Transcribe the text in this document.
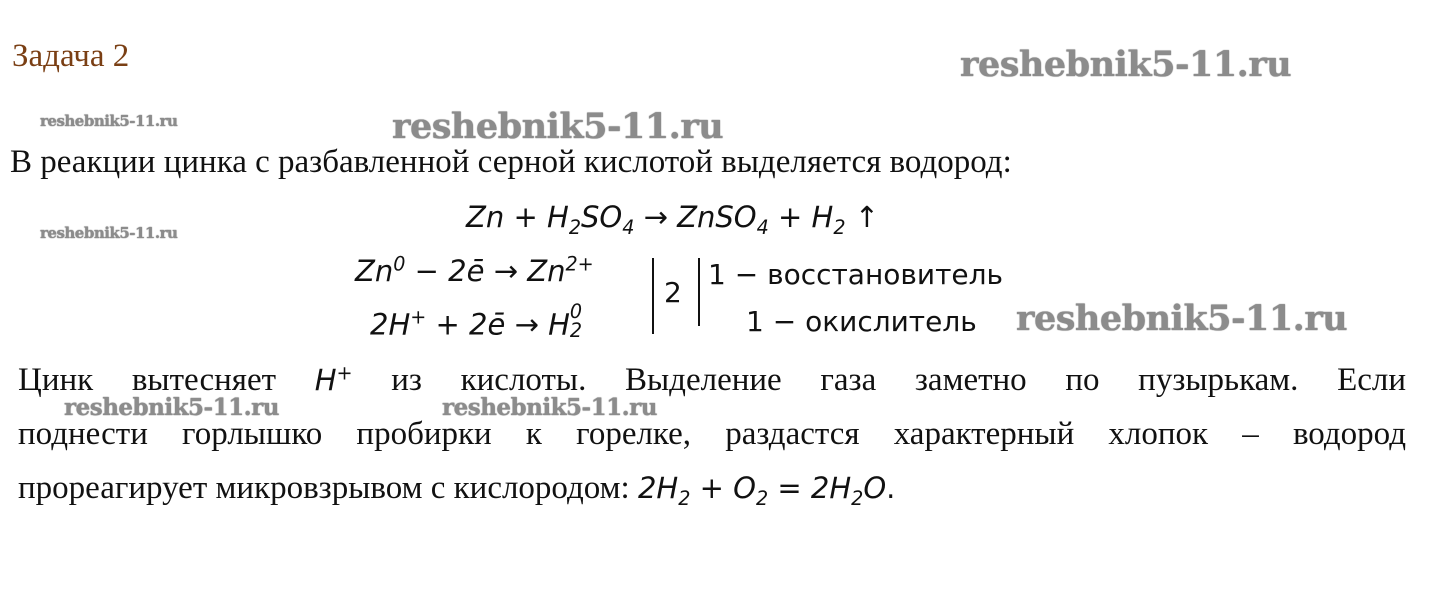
Задача 2	reshebnik5-11.ru
reshebnik5-11.ru	reshebnik5-11.ru
reshebnik5-11.ru
В реакции цинка с разбавленной серной кислотой выделяется водород:
$Zn + H_2SO_4$ → ZnSO$_4$ + $H_2$ ↑
$Zn^0$ − 2ē → $Zn^{2+}$
2H+ + 2ē → H 0
2
2
1 − восстановитель
1 − окислитель reshebnik5-11.ru
Цинк вытесняет H+ из кислоты. Выделение газа заметно по пузырькам. Если
reshebnik5-11.ru	reshebnik5-11.ru
поднести горлышко пробирки к горелке, раздастся характерный хлопок – водород
прореагирует микровзрывом с кислородом: $2H_2 + O_2 = 2H_2O$.
